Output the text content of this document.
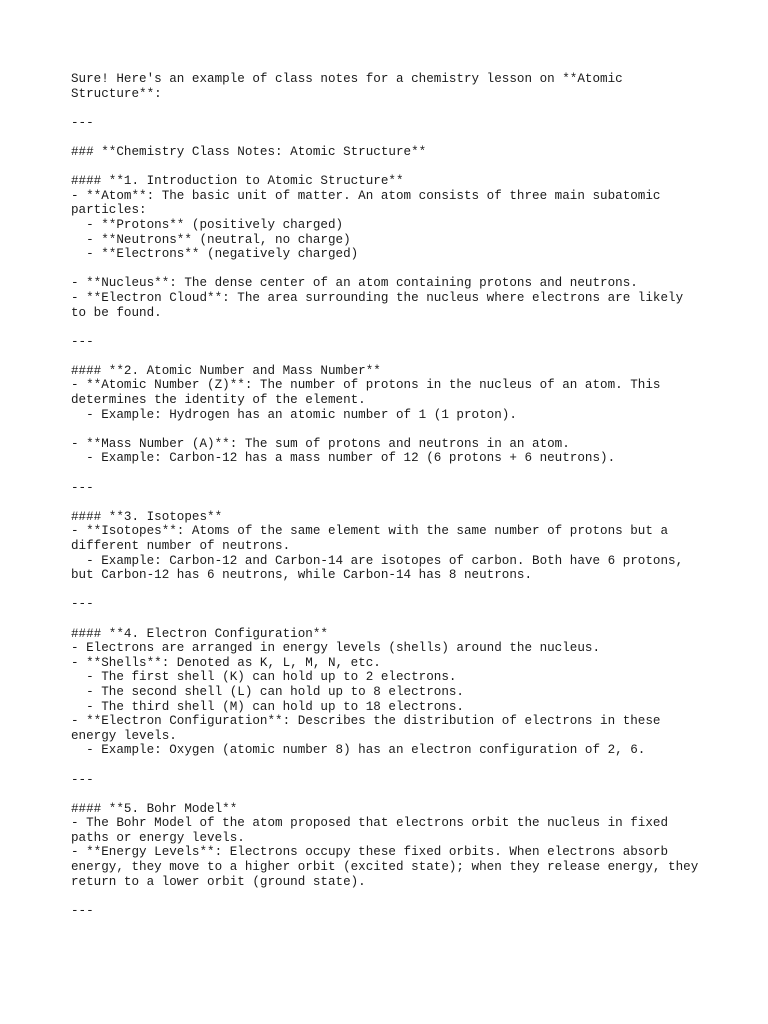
Sure! Here's an example of class notes for a chemistry lesson on **Atomic
Structure**:
---
### **Chemistry Class Notes: Atomic Structure**
#### **1. Introduction to Atomic Structure**
- **Atom**: The basic unit of matter. An atom consists of three main subatomic
particles:
- **Protons** (positively charged)
- **Neutrons** (neutral, no charge)
- **Electrons** (negatively charged)
- **Nucleus**: The dense center of an atom containing protons and neutrons.
- **Electron Cloud**: The area surrounding the nucleus where electrons are likely
to be found.
---
#### **2. Atomic Number and Mass Number**
- **Atomic Number (Z)**: The number of protons in the nucleus of an atom. This
determines the identity of the element.
- Example: Hydrogen has an atomic number of 1 (1 proton).
- **Mass Number (A)**: The sum of protons and neutrons in an atom.
- Example: Carbon-12 has a mass number of 12 (6 protons + 6 neutrons).
---
#### **3. Isotopes**
- **Isotopes**: Atoms of the same element with the same number of protons but a
different number of neutrons.
- Example: Carbon-12 and Carbon-14 are isotopes of carbon. Both have 6 protons,
but Carbon-12 has 6 neutrons, while Carbon-14 has 8 neutrons.
---
#### **4. Electron Configuration**
- Electrons are arranged in energy levels (shells) around the nucleus.
- **Shells**: Denoted as K, L, M, N, etc.
- The first shell (K) can hold up to 2 electrons.
- The second shell (L) can hold up to 8 electrons.
- The third shell (M) can hold up to 18 electrons.
- **Electron Configuration**: Describes the distribution of electrons in these
energy levels.
- Example: Oxygen (atomic number 8) has an electron configuration of 2, 6.
---
#### **5. Bohr Model**
- The Bohr Model of the atom proposed that electrons orbit the nucleus in fixed
paths or energy levels.
- **Energy Levels**: Electrons occupy these fixed orbits. When electrons absorb
energy, they move to a higher orbit (excited state); when they release energy, they
return to a lower orbit (ground state).
---
